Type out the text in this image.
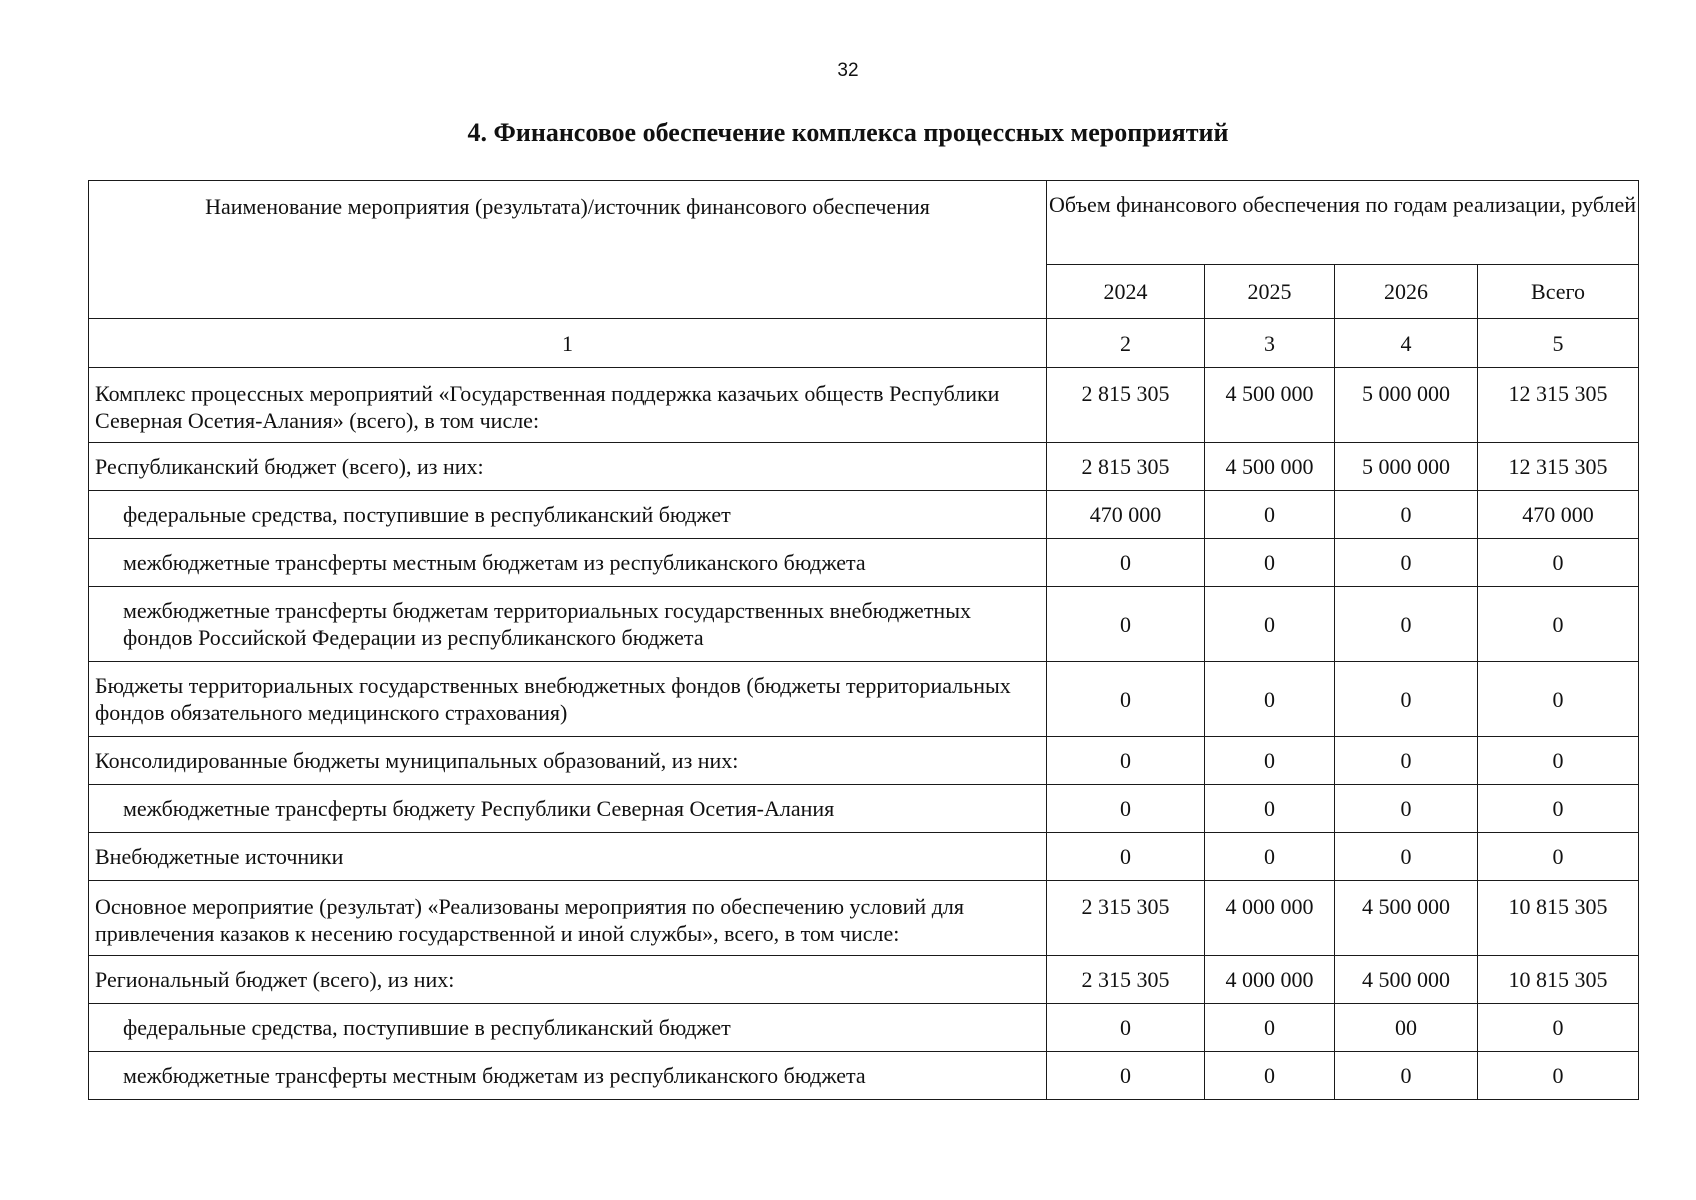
32
4. Финансовое обеспечение комплекса процессных мероприятий
Наименование мероприятия (результата)/источник финансового обеспечения	Объем финансового обеспечения по годам реализации, рублей			
	2024	2025	2026	Всего
1	2	3	4	5
Комплекс процессных мероприятий «Государственная поддержка казачьих обществ Республики Северная Осетия-Алания» (всего), в том числе:	2 815 305	4 500 000	5 000 000	12 315 305
Республиканский бюджет (всего), из них:	2 815 305	4 500 000	5 000 000	12 315 305
федеральные средства, поступившие в республиканский бюджет	470 000	0	0	470 000
межбюджетные трансферты местным бюджетам из республиканского бюджета	0	0	0	0
межбюджетные трансферты бюджетам территориальных государственных внебюджетных фондов Российской Федерации из республиканского бюджета	0	0	0	0
Бюджеты территориальных государственных внебюджетных фондов (бюджеты территориальных фондов обязательного медицинского страхования)	0	0	0	0
Консолидированные бюджеты муниципальных образований, из них:	0	0	0	0
межбюджетные трансферты бюджету Республики Северная Осетия-Алания	0	0	0	0
Внебюджетные источники	0	0	0	0
Основное мероприятие (результат) «Реализованы мероприятия по обеспечению условий для привлечения казаков к несению государственной и иной службы», всего, в том числе:	2 315 305	4 000 000	4 500 000	10 815 305
Региональный бюджет (всего), из них:	2 315 305	4 000 000	4 500 000	10 815 305
федеральные средства, поступившие в республиканский бюджет	0	0	00	0
межбюджетные трансферты местным бюджетам из республиканского бюджета	0	0	0	0
